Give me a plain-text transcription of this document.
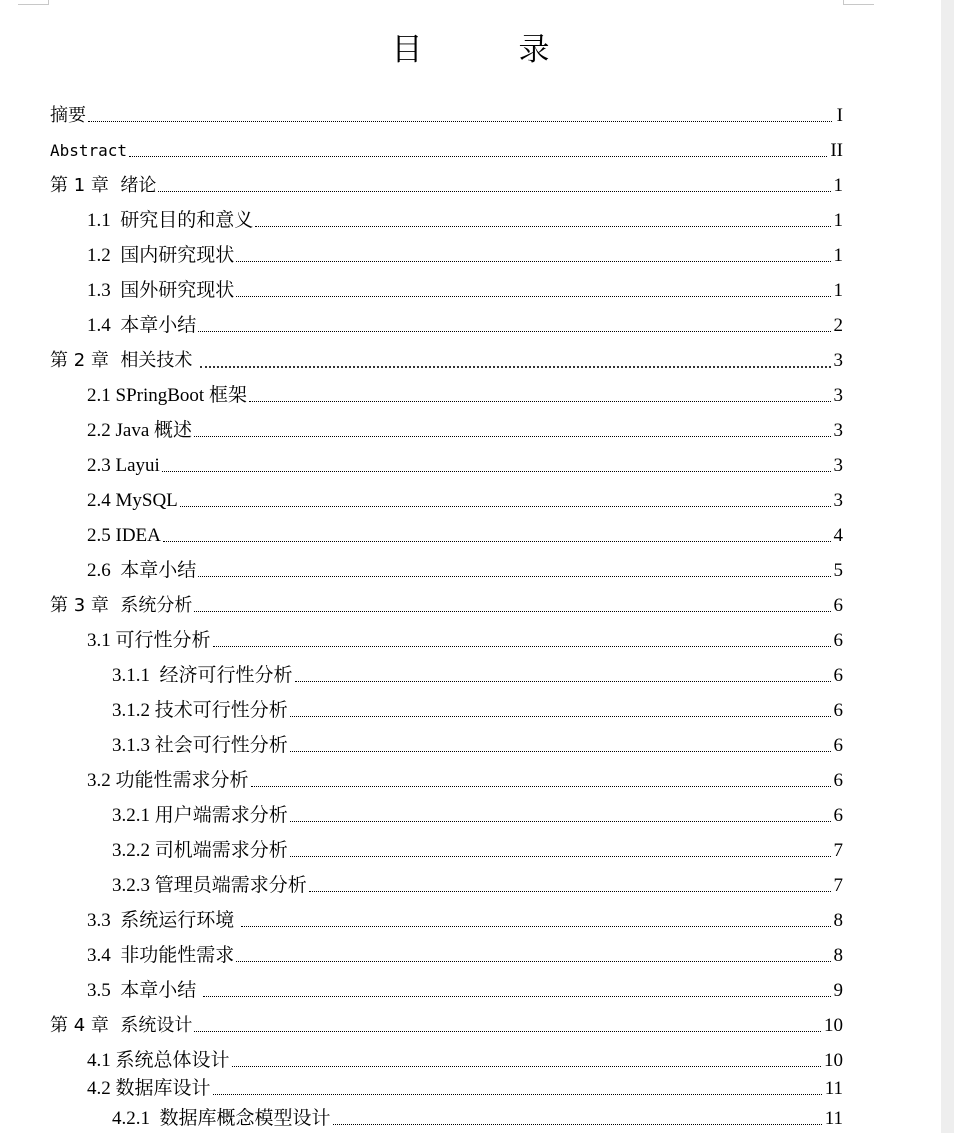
目	录
摘要	I
Abstract	II
第 1 章  绪论	1
1.1  研究目的和意义	1
1.2  国内研究现状	1
1.3  国外研究现状	1
1.4  本章小结	2
第 2 章  相关技术	3
2.1 SPringBoot 框架	3
2.2 Java 概述	3
2.3 Layui	3
2.4 MySQL	3
2.5 IDEA	4
2.6  本章小结	5
第 3 章  系统分析	6
3.1 可行性分析	6
3.1.1  经济可行性分析	6
3.1.2 技术可行性分析	6
3.1.3 社会可行性分析	6
3.2 功能性需求分析	6
3.2.1 用户端需求分析	6
3.2.2 司机端需求分析	7
3.2.3 管理员端需求分析	7
3.3  系统运行环境	8
3.4  非功能性需求	8
3.5  本章小结	9
第 4 章  系统设计	10
4.1 系统总体设计	10
4.2 数据库设计	11
4.2.1  数据库概念模型设计	11
